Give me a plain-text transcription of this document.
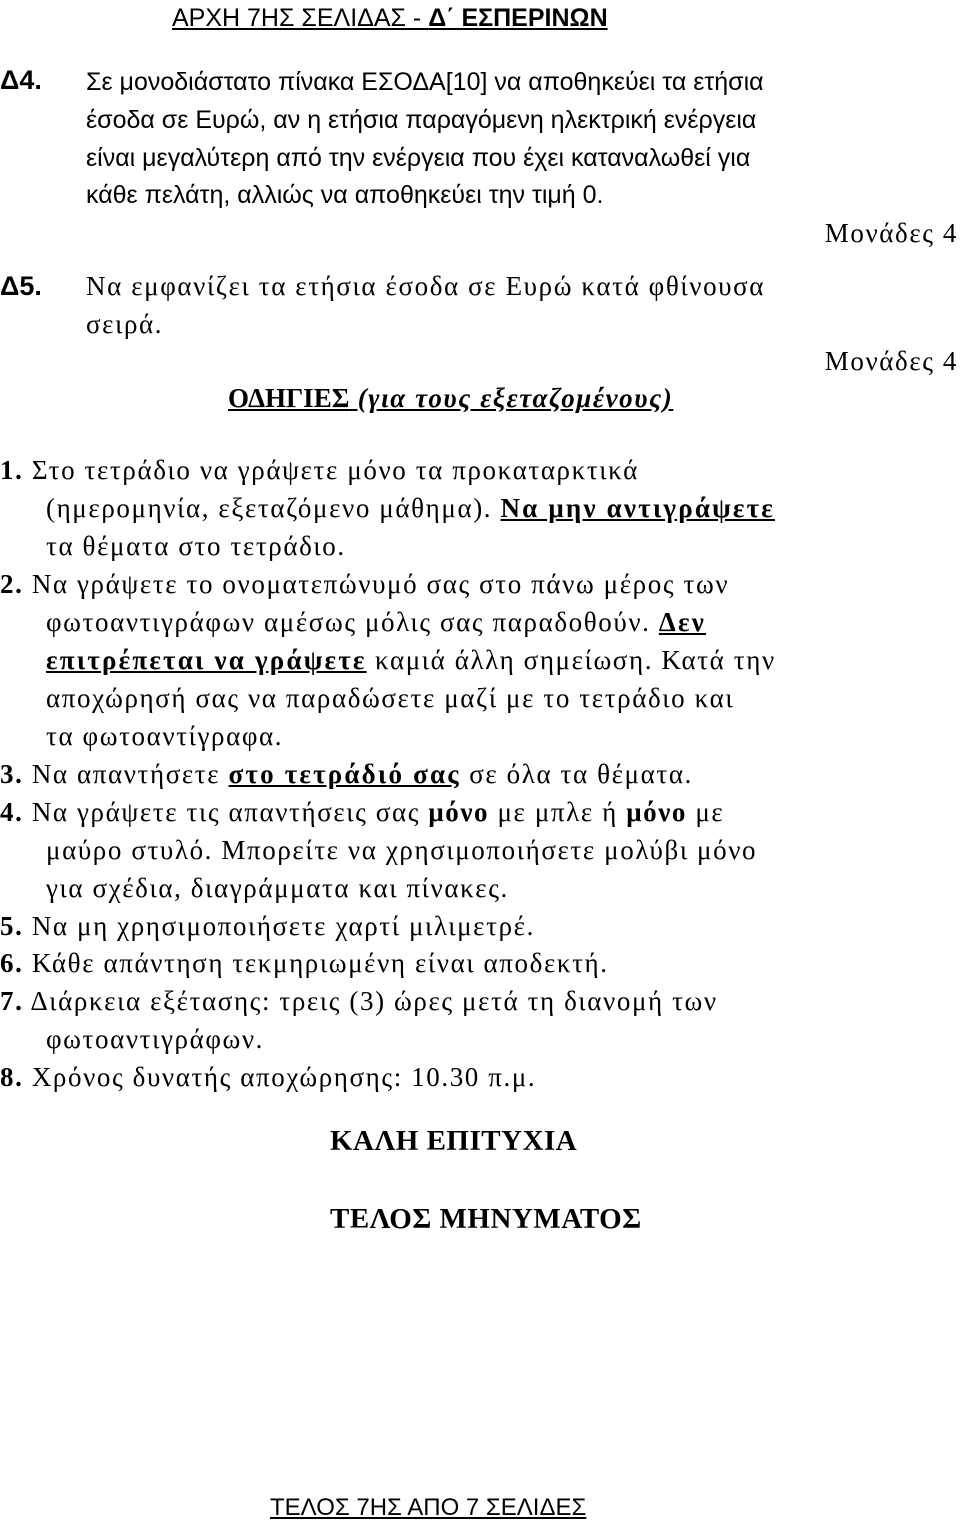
ΑΡΧΗ 7ΗΣ ΣΕΛΙΔΑΣ - Δ΄ ΕΣΠΕΡΙΝΩΝ
Δ4. Σε μονοδιάστατο πίνακα ΕΣΟΔΑ[10] να αποθηκεύει τα ετήσια
έσοδα σε Ευρώ, αν η ετήσια παραγόμενη ηλεκτρική ενέργεια
είναι μεγαλύτερη από την ενέργεια που έχει καταναλωθεί για
κάθε πελάτη, αλλιώς να αποθηκεύει την τιμή 0.
Μονάδες 4
Δ5. Να εμφανίζει τα ετήσια έσοδα σε Ευρώ κατά φθίνουσα
σειρά.
Μονάδες 4
ΟΔΗΓΙΕΣ (για τους εξεταζομένους)
1. Στο τετράδιο να γράψετε μόνο τα προκαταρκτικά
(ημερομηνία, εξεταζόμενο μάθημα). Να μην αντιγράψετε
τα θέματα στο τετράδιο.
2. Να γράψετε το ονοματεπώνυμό σας στο πάνω μέρος των
φωτοαντιγράφων αμέσως μόλις σας παραδοθούν. Δεν
επιτρέπεται να γράψετε καμιά άλλη σημείωση. Κατά την
αποχώρησή σας να παραδώσετε μαζί με το τετράδιο και
τα φωτοαντίγραφα.
3. Να απαντήσετε στο τετράδιό σας σε όλα τα θέματα.
4. Να γράψετε τις απαντήσεις σας μόνο με μπλε ή μόνο με
μαύρο στυλό. Μπορείτε να χρησιμοποιήσετε μολύβι μόνο
για σχέδια, διαγράμματα και πίνακες.
5. Να μη χρησιμοποιήσετε χαρτί μιλιμετρέ.
6. Κάθε απάντηση τεκμηριωμένη είναι αποδεκτή.
7. Διάρκεια εξέτασης: τρεις (3) ώρες μετά τη διανομή των
φωτοαντιγράφων.
8. Χρόνος δυνατής αποχώρησης: 10.30 π.μ.
ΚΑΛΗ ΕΠΙΤΥΧΙΑ
ΤΕΛΟΣ ΜΗΝΥΜΑΤΟΣ
ΤΕΛΟΣ 7ΗΣ ΑΠΟ 7 ΣΕΛΙΔΕΣ
